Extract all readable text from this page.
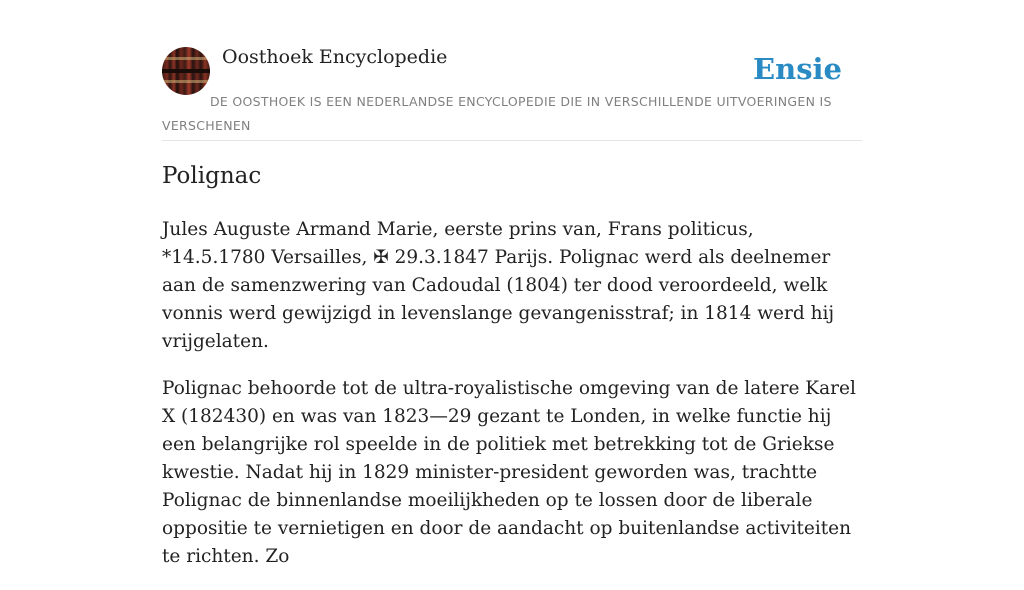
Oosthoek Encyclopedie	Ensie
DE OOSTHOEK IS EEN NEDERLANDSE ENCYCLOPEDIE DIE IN VERSCHILLENDE UITVOERINGEN IS VERSCHENEN
Polignac

Jules Auguste Armand Marie, eerste prins van, Frans politicus, *14.5.1780 Versailles, ✠ 29.3.1847 Parijs. Polignac werd als deelnemer aan de samenzwering van Cadoudal (1804) ter dood veroordeeld, welk vonnis werd gewijzigd in levenslange gevangenisstraf; in 1814 werd hij vrijgelaten.

Polignac behoorde tot de ultra-royalistische omgeving van de latere Karel X (182430) en was van 1823—29 gezant te Londen, in welke functie hij een belangrijke rol speelde in de politiek met betrekking tot de Griekse kwestie. Nadat hij in 1829 minister-president geworden was, trachtte Polignac de binnenlandse moeilijkheden op te lossen door de liberale oppositie te vernietigen en door de aandacht op buitenlandse activiteiten te richten. Zo
